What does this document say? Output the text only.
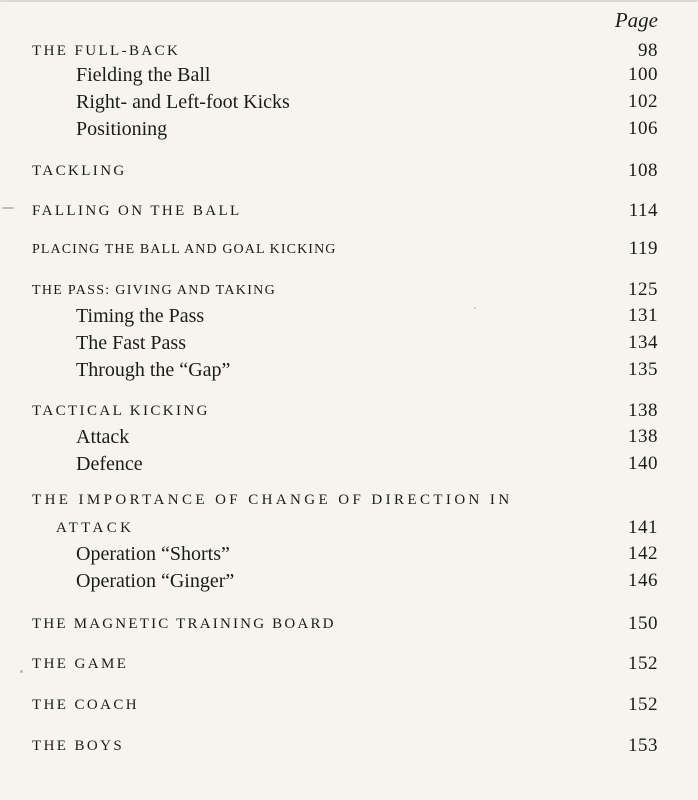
Page
THE FULL-BACK	98
Fielding the Ball	100
Right- and Left-foot Kicks	102
Positioning	106
TACKLING	108
FALLING ON THE BALL	114
PLACING THE BALL AND GOAL KICKING	119
THE PASS: GIVING AND TAKING	125
Timing the Pass	131
The Fast Pass	134
Through the “Gap”	135
TACTICAL KICKING	138
Attack	138
Defence	140
THE IMPORTANCE OF CHANGE OF DIRECTION IN
ATTACK	141
Operation “Shorts”	142
Operation “Ginger”	146
THE MAGNETIC TRAINING BOARD	150
THE GAME	152
THE COACH	152
THE BOYS	153
